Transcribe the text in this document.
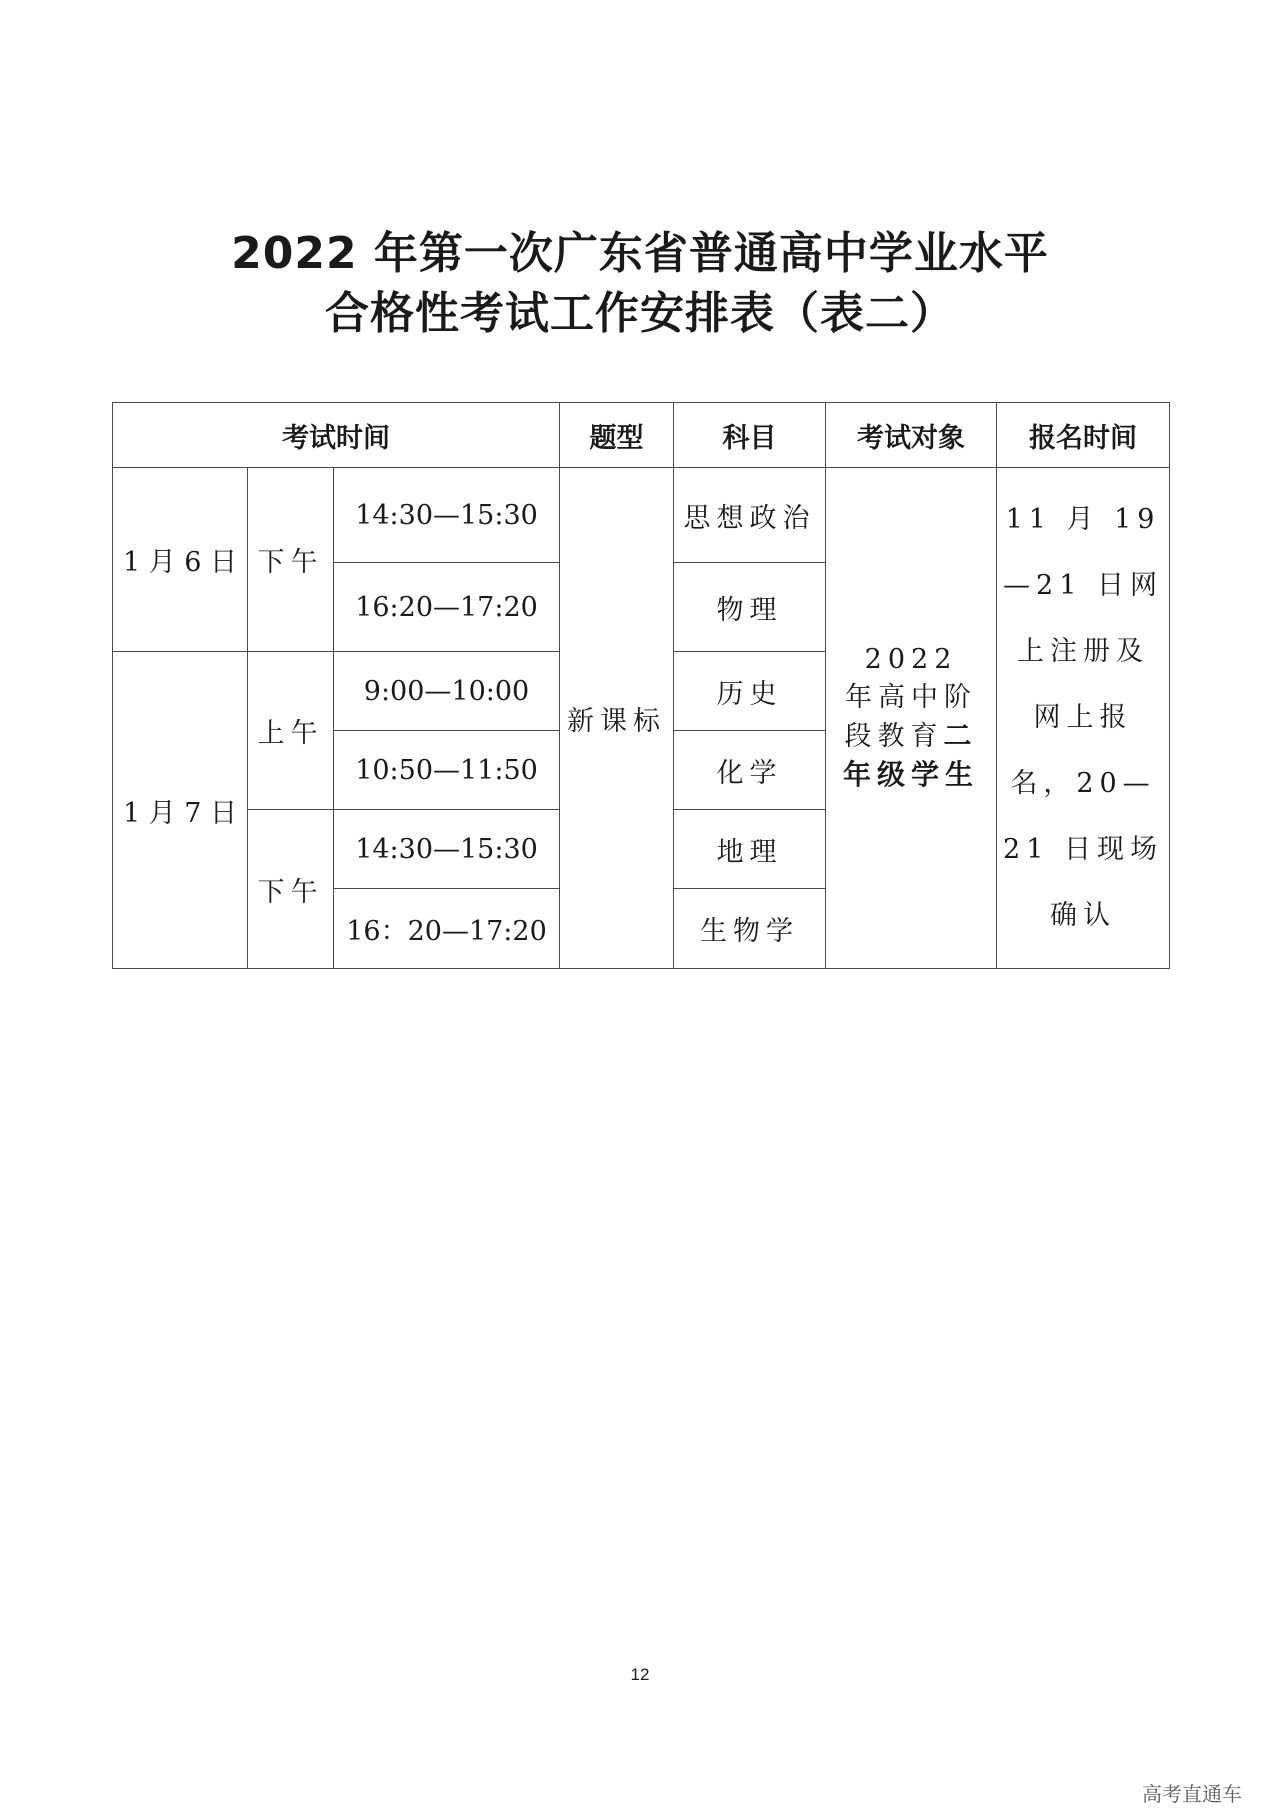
2022 年第一次广东省普通高中学业水平
合格性考试工作安排表（表二）
考试时间			题型	科目	考试对象	报名时间
1 月 6 日	下午	14:30—15:30	新课标	思想政治	2022 年高中阶段教育二年级学生	11 月 19—21 日网上注册及网上报名，20—21 日现场确认
		16:20—17:20		物理		
1 月 7 日	上午	9:00—10:00		历史		
		10:50—11:50		化学		
	下午	14:30—15:30		地理		
		16：20—17:20		生物学		
12
高考直通车
